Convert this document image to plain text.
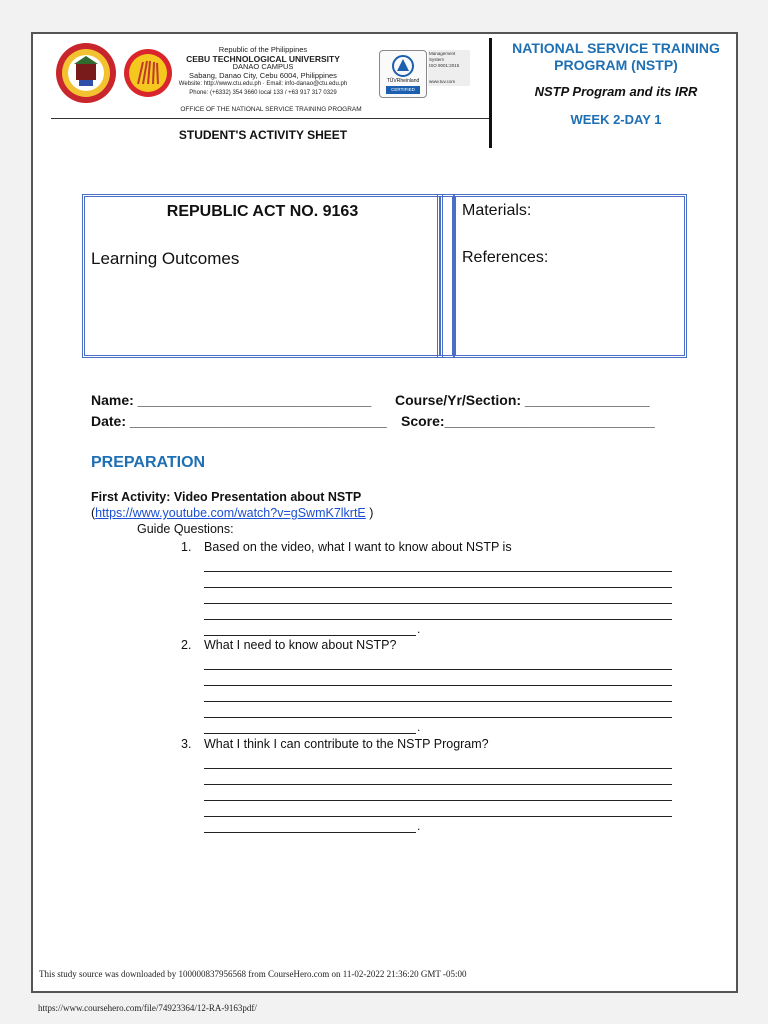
Republic of the Philippines
CEBU TECHNOLOGICAL UNIVERSITY
DANAO CAMPUS
Sabang, Danao City, Cebu 6004, Philippines
Website: http://www.ctu.edu.ph · Email: info-danao@ctu.edu.ph
Phone: (+6332) 354 3660 local 133 / +63 917 317 0329
TÜVRheinland
CERTIFIED
Management
System
ISO 9001:2015
www.tuv.com
OFFICE OF THE NATIONAL SERVICE TRAINING PROGRAM
STUDENT'S ACTIVITY SHEET
NATIONAL SERVICE TRAINING PROGRAM (NSTP)
NSTP Program and its IRR
WEEK 2-DAY 1
REPUBLIC ACT NO. 9163
Learning Outcomes
Materials:
References:
Name: ______________________________ Course/Yr/Section: ________________
Date: _________________________________ Score:___________________________
PREPARATION
First Activity: Video Presentation about NSTP
(https://www.youtube.com/watch?v=gSwmK7lkrtE )
Guide Questions:
1. Based on the video, what I want to know about NSTP is
.
2. What I need to know about NSTP?
.
3. What I think I can contribute to the NSTP Program?
.
This study source was downloaded by 100000837956568 from CourseHero.com on 11-02-2022 21:36:20 GMT -05:00
https://www.coursehero.com/file/74923364/12-RA-9163pdf/
